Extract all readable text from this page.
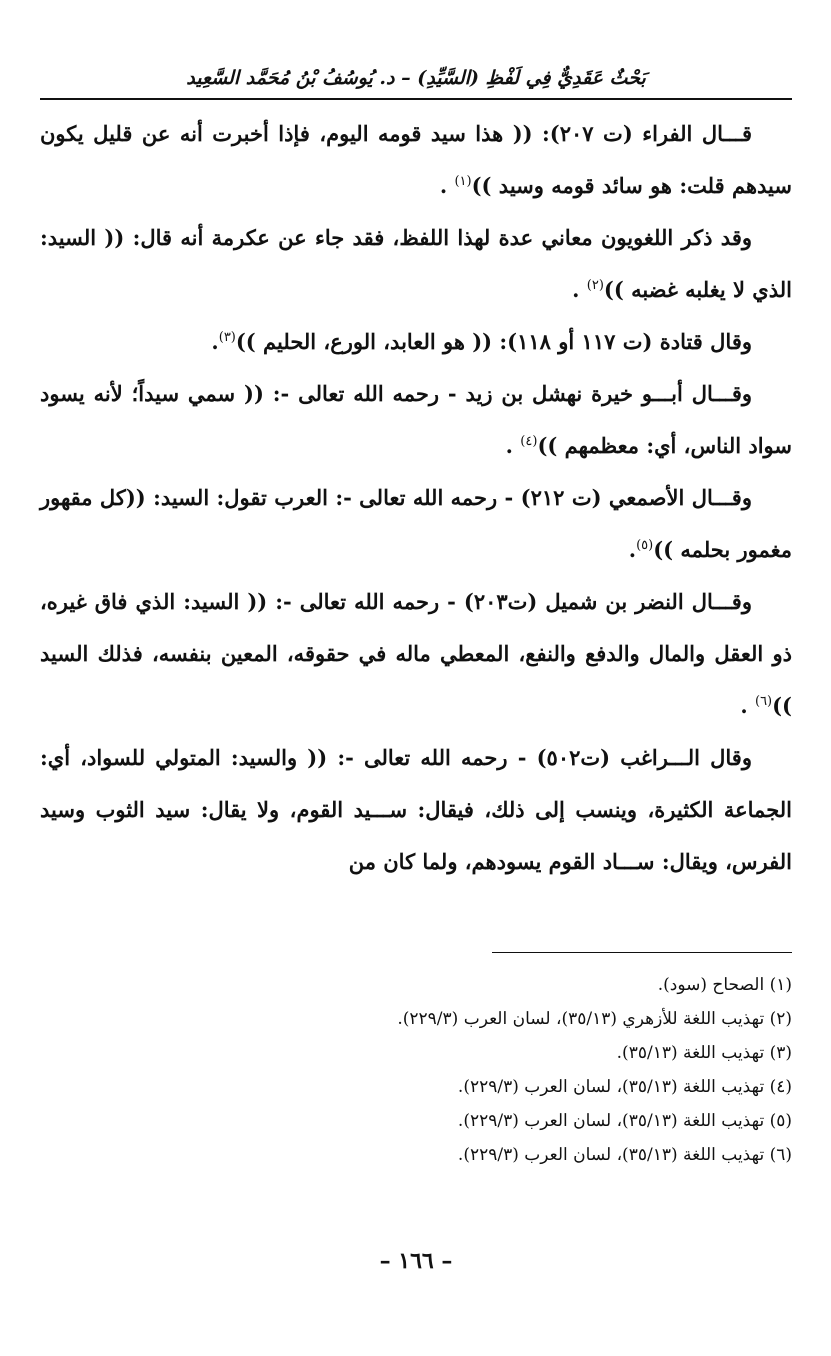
بَحْثٌ عَقَدِيٌّ فِي لَفْظِ (السَّيِّدِ) – د. يُوسُفُ بْنُ مُحَمَّد السَّعِيد

قـــال الفراء (ت ٢٠٧): (( هذا سيد قومه اليوم، فإذا أخبرت أنه عن قليل يكون سيدهم قلت: هو سائد قومه وسيد ))$^{(١)}$ .

وقد ذكر اللغويون معاني عدة لهذا اللفظ، فقد جاء عن عكرمة أنه قال: (( السيد: الذي لا يغلبه غضبه ))$^{(٢)}$ .

وقال قتادة (ت ١١٧ أو ١١٨): (( هو العابد، الورع، الحليم ))$^{(٣)}$.

وقـــال أبـــو خيرة نهشل بن زيد - رحمه الله تعالى -: (( سمي سيداً؛ لأنه يسود سواد الناس، أي: معظمهم ))$^{(٤)}$ .

وقـــال الأصمعي (ت ٢١٢) - رحمه الله تعالى -: العرب تقول: السيد: ((كل مقهور مغمور بحلمه ))$^{(٥)}$.

وقـــال النضر بن شميل (ت٢٠٣) - رحمه الله تعالى -: (( السيد: الذي فاق غيره، ذو العقل والمال والدفع والنفع، المعطي ماله في حقوقه، المعين بنفسه، فذلك السيد ))$^{(٦)}$ .

وقال الـــراغب (ت٥٠٢) - رحمه الله تعالى -: (( والسيد: المتولي للسواد، أي: الجماعة الكثيرة، وينسب إلى ذلك، فيقال: ســـيد القوم، ولا يقال: سيد الثوب وسيد الفرس، ويقال: ســـاد القوم يسودهم، ولما كان من

(١) الصحاح (سود).

(٢) تهذيب اللغة للأزهري (٣٥/١٣)، لسان العرب (٢٢٩/٣).

(٣) تهذيب اللغة (٣٥/١٣).

(٤) تهذيب اللغة (٣٥/١٣)، لسان العرب (٢٢٩/٣).

(٥) تهذيب اللغة (٣٥/١٣)، لسان العرب (٢٢٩/٣).

(٦) تهذيب اللغة (٣٥/١٣)، لسان العرب (٢٢٩/٣).

– ١٦٦ –
